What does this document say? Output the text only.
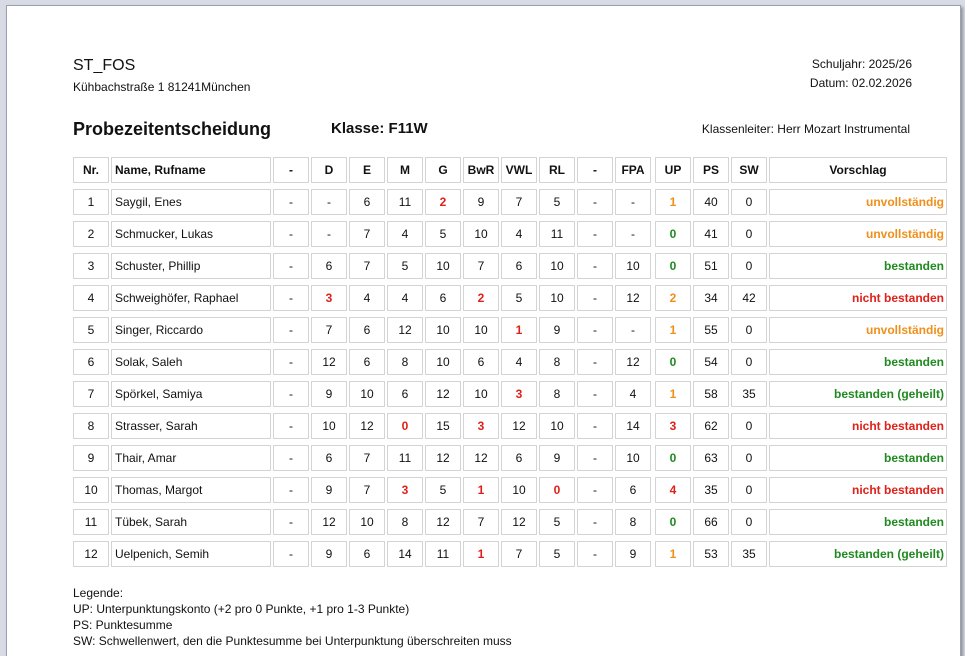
ST_FOS
Kühbachstraße 1 81241München
Schuljahr: 2025/26
Datum: 02.02.2026
Probezeitentscheidung	Klasse: F11W	Klassenleiter: Herr Mozart Instrumental
Nr.	Name, Rufname	-	D	E	M	G	BwR	VWL	RL	-	FPA		UP	PS	SW	Vorschlag
1	Saygil, Enes	-	-	6	11	2	9	7	5	-	-		1	40	0	unvollständig
2	Schmucker, Lukas	-	-	7	4	5	10	4	11	-	-		0	41	0	unvollständig
3	Schuster, Phillip	-	6	7	5	10	7	6	10	-	10		0	51	0	bestanden
4	Schweighöfer, Raphael	-	3	4	4	6	2	5	10	-	12		2	34	42	nicht bestanden
5	Singer, Riccardo	-	7	6	12	10	10	1	9	-	-		1	55	0	unvollständig
6	Solak, Saleh	-	12	6	8	10	6	4	8	-	12		0	54	0	bestanden
7	Spörkel, Samiya	-	9	10	6	12	10	3	8	-	4		1	58	35	bestanden (geheilt)
8	Strasser, Sarah	-	10	12	0	15	3	12	10	-	14		3	62	0	nicht bestanden
9	Thair, Amar	-	6	7	11	12	12	6	9	-	10		0	63	0	bestanden
10	Thomas, Margot	-	9	7	3	5	1	10	0	-	6		4	35	0	nicht bestanden
11	Tübek, Sarah	-	12	10	8	12	7	12	5	-	8		0	66	0	bestanden
12	Uelpenich, Semih	-	9	6	14	11	1	7	5	-	9		1	53	35	bestanden (geheilt)
Legende:
UP: Unterpunktungskonto (+2 pro 0 Punkte, +1 pro 1-3 Punkte)
PS: Punktesumme
SW: Schwellenwert, den die Punktesumme bei Unterpunktung überschreiten muss
